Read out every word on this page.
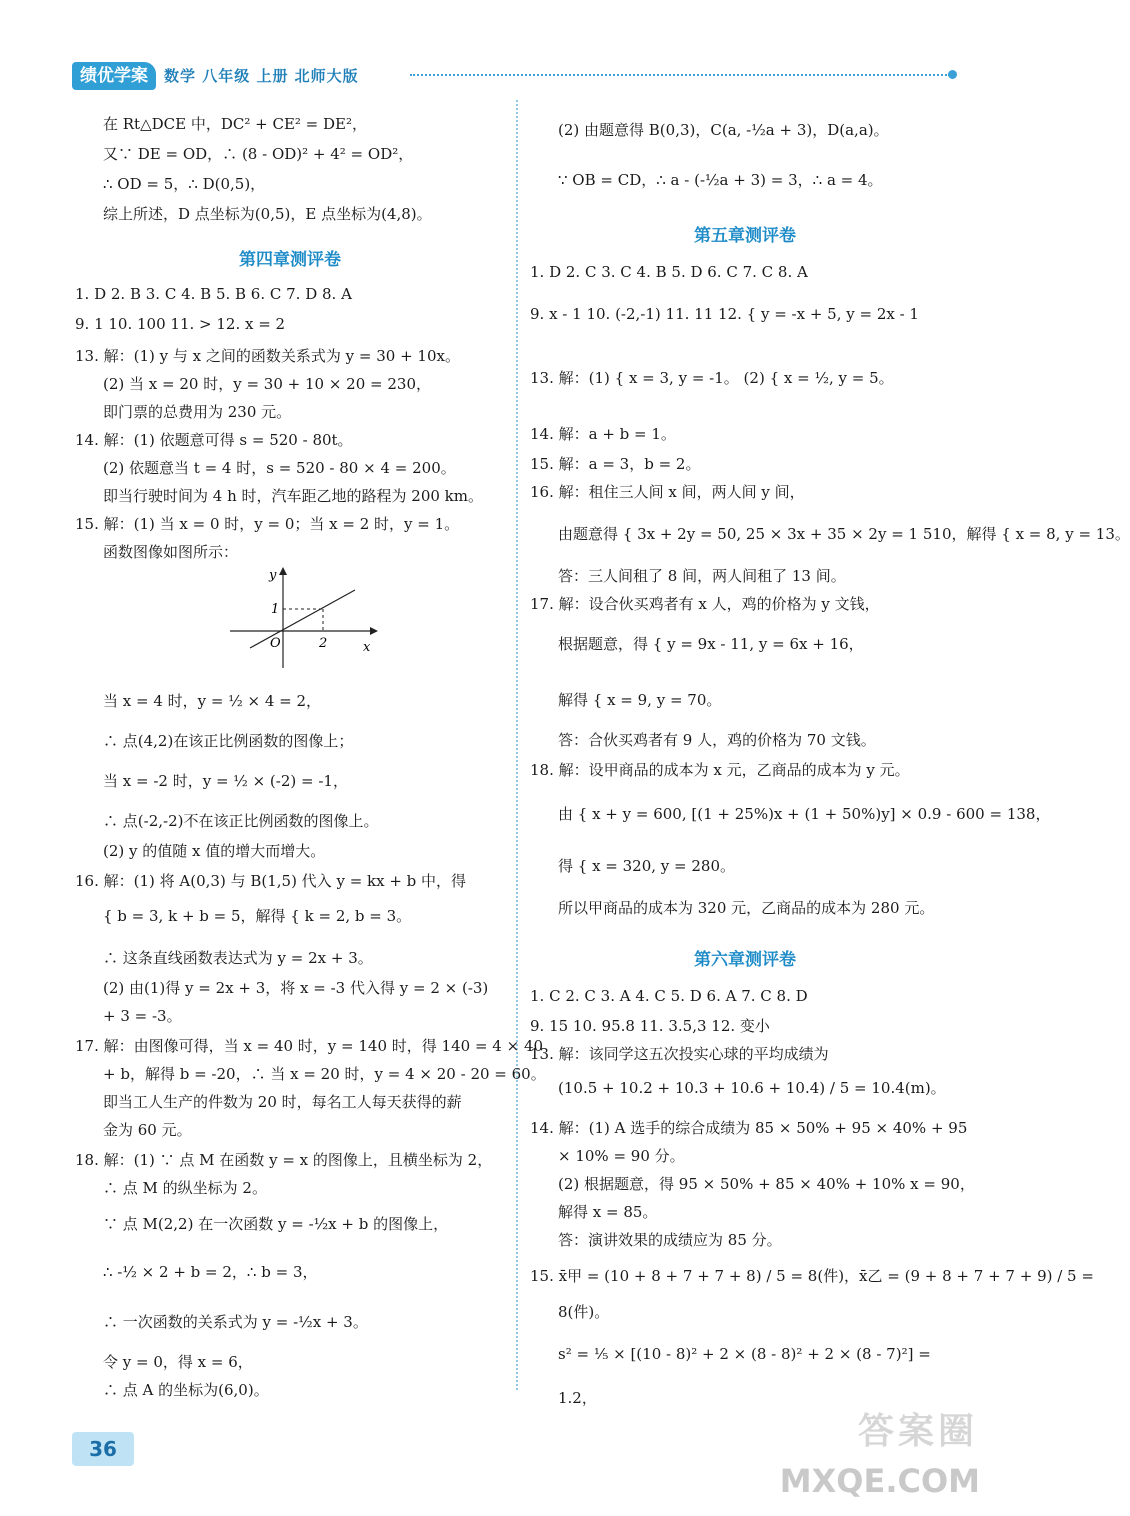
绩优学案	数学 八年级 上册 北师大版
在 Rt△DCE 中，DC² + CE² = DE²，
又∵ DE = OD，∴ (8 - OD)² + 4² = OD²，
∴ OD = 5，∴ D(0,5)，
综上所述，D 点坐标为(0,5)，E 点坐标为(4,8)。
第四章测评卷
1. D 2. B 3. C 4. B 5. B 6. C 7. D 8. A
9. 1 10. 100 11. > 12. x = 2
13. 解：(1) y 与 x 之间的函数关系式为 y = 30 + 10x。
(2) 当 x = 20 时，y = 30 + 10 × 20 = 230，
即门票的总费用为 230 元。
14. 解：(1) 依题意可得 s = 520 - 80t。
(2) 依题意当 t = 4 时，s = 520 - 80 × 4 = 200。
即当行驶时间为 4 h 时，汽车距乙地的路程为 200 km。
15. 解：(1) 当 x = 0 时，y = 0；当 x = 2 时，y = 1。
函数图像如图所示：
y
x
O
1
2
当 x = 4 时，y = ½ × 4 = 2，
∴ 点(4,2)在该正比例函数的图像上；
当 x = -2 时，y = ½ × (-2) = -1，
∴ 点(-2,-2)不在该正比例函数的图像上。
(2) y 的值随 x 值的增大而增大。
16. 解：(1) 将 A(0,3) 与 B(1,5) 代入 y = kx + b 中，得
{ b = 3, k + b = 5，解得 { k = 2, b = 3。
∴ 这条直线函数表达式为 y = 2x + 3。
(2) 由(1)得 y = 2x + 3，将 x = -3 代入得 y = 2 × (-3)
+ 3 = -3。
17. 解：由图像可得，当 x = 40 时，y = 140 时，得 140 = 4 × 40
+ b，解得 b = -20，∴ 当 x = 20 时，y = 4 × 20 - 20 = 60。
即当工人生产的件数为 20 时，每名工人每天获得的薪
金为 60 元。
18. 解：(1) ∵ 点 M 在函数 y = x 的图像上，且横坐标为 2，
∴ 点 M 的纵坐标为 2。
∵ 点 M(2,2) 在一次函数 y = -½x + b 的图像上，
∴ -½ × 2 + b = 2，∴ b = 3，
∴ 一次函数的关系式为 y = -½x + 3。
令 y = 0，得 x = 6，
∴ 点 A 的坐标为(6,0)。
(2) 由题意得 B(0,3)，C(a, -½a + 3)，D(a,a)。
∵ OB = CD，∴ a - (-½a + 3) = 3，∴ a = 4。
第五章测评卷
1. D 2. C 3. C 4. B 5. D 6. C 7. C 8. A
9. x - 1 10. (-2,-1) 11. 11 12. { y = -x + 5, y = 2x - 1
13. 解：(1) { x = 3, y = -1。 (2) { x = ½, y = 5。
14. 解：a + b = 1。
15. 解：a = 3，b = 2。
16. 解：租住三人间 x 间，两人间 y 间，
由题意得 { 3x + 2y = 50, 25 × 3x + 35 × 2y = 1 510，解得 { x = 8, y = 13。
答：三人间租了 8 间，两人间租了 13 间。
17. 解：设合伙买鸡者有 x 人，鸡的价格为 y 文钱，
根据题意，得 { y = 9x - 11, y = 6x + 16，
解得 { x = 9, y = 70。
答：合伙买鸡者有 9 人，鸡的价格为 70 文钱。
18. 解：设甲商品的成本为 x 元，乙商品的成本为 y 元。
由 { x + y = 600, [(1 + 25%)x + (1 + 50%)y] × 0.9 - 600 = 138，
得 { x = 320, y = 280。
所以甲商品的成本为 320 元，乙商品的成本为 280 元。
第六章测评卷
1. C 2. C 3. A 4. C 5. D 6. A 7. C 8. D
9. 15 10. 95.8 11. 3.5,3 12. 变小
13. 解：该同学这五次投实心球的平均成绩为
(10.5 + 10.2 + 10.3 + 10.6 + 10.4) / 5 = 10.4(m)。
14. 解：(1) A 选手的综合成绩为 85 × 50% + 95 × 40% + 95
× 10% = 90 分。
(2) 根据题意，得 95 × 50% + 85 × 40% + 10% x = 90，
解得 x = 85。
答：演讲效果的成绩应为 85 分。
15. x̄甲 = (10 + 8 + 7 + 7 + 8) / 5 = 8(件)，x̄乙 = (9 + 8 + 7 + 7 + 9) / 5 =
8(件)。
s² = ⅕ × [(10 - 8)² + 2 × (8 - 8)² + 2 × (8 - 7)²] =
1.2，
36	答案圈
MXQE.COM
